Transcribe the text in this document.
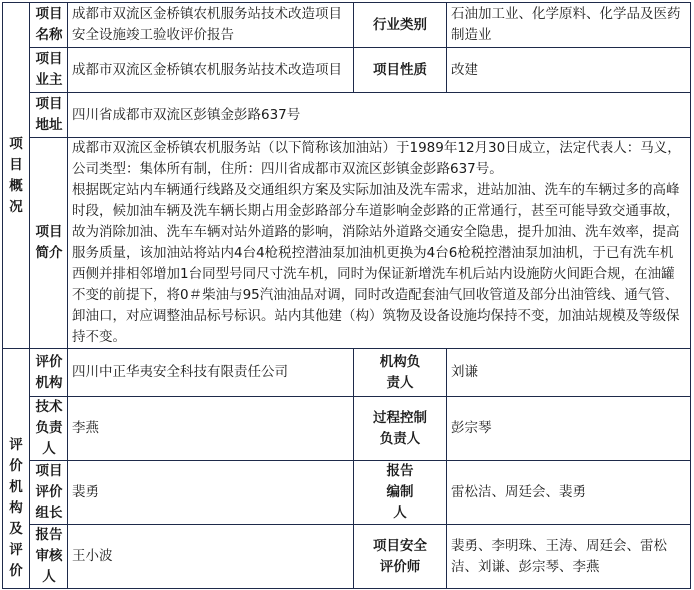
项目概况	项目名称	成都市双流区金桥镇农机服务站技术改造项目安全设施竣工验收评价报告	行业类别	石油加工业、化学原料、化学品及医药制造业

	项目业主	成都市双流区金桥镇农机服务站技术改造项目	项目性质	改建
	项目地址	四川省成都市双流区彭镇金彭路637号		
	项目简介	成都市双流区金桥镇农机服务站（以下简称该加油站）于1989年12月30日成立，法定代表人：马义，公司类型：集体所有制，住所：四川省成都市双流区彭镇金彭路637号。
根据既定站内车辆通行线路及交通组织方案及实际加油及洗车需求，进站加油、洗车的车辆过多的高峰时段，候加油车辆及洗车辆长期占用金彭路部分车道影响金彭路的正常通行，甚至可能导致交通事故，故为消除加油、洗车车辆对站外道路的影响，消除站外道路交通安全隐患，提升加油、洗车效率，提高服务质量，该加油站将站内4台4枪税控潜油泵加油机更换为4台6枪税控潜油泵加油机，于已有洗车机西侧并排相邻增加1台同型号同尺寸洗车机，同时为保证新增洗车机后站内设施防火间距合规，在油罐不变的前提下，将0＃柴油与95汽油油品对调，同时改造配套油气回收管道及部分出油管线、通气管、卸油口，对应调整油品标号标识。站内其他建（构）筑物及设备设施均保持不变，加油站规模及等级保持不变。		

评价机构及评价	评价机构	四川中正华夷安全科技有限责任公司	机构负责人	刘谦
	技术负责人	李燕	过程控制负责人	彭宗琴
	项目评价组长	裴勇	报告编制人	雷松洁、周廷会、裴勇
	报告审核人	王小波	项目安全评价师	裴勇、李明珠、王涛、周廷会、雷松洁、刘谦、彭宗琴、李燕
